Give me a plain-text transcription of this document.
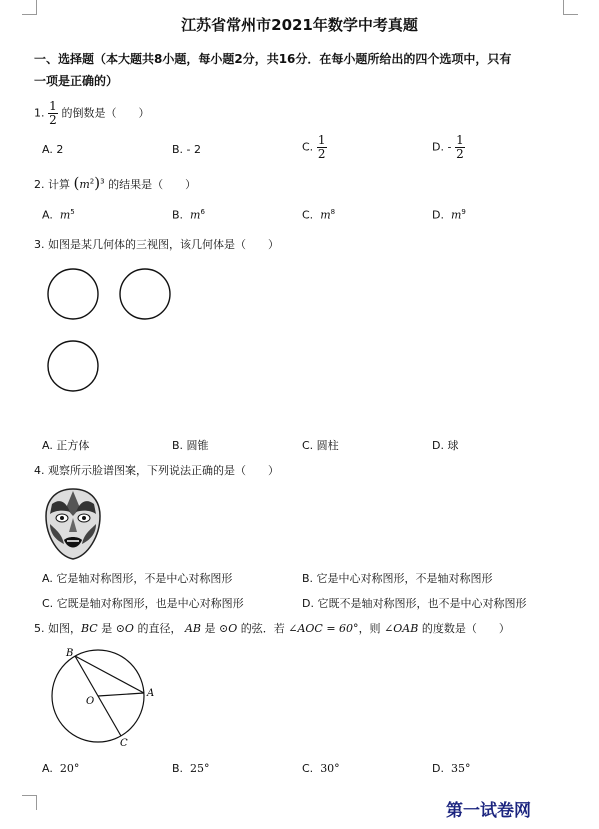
江苏省常州市2021年数学中考真题
一、选择题（本大题共8小题，每小题2分，共16分．在每小题所给出的四个选项中，只有
一项是正确的）
1. $\frac{1}{2}$ 的倒数是（　　）
A. 2	B. - 2	C. $\frac{1}{2}$	D. - $\frac{1}{2}$
2. 计算 $(m^2)^3$ 的结果是（　　）
A. $m^5$	B. $m^6$	C. $m^8$	D. $m^9$
3. 如图是某几何体的三视图，该几何体是（　　）
A. 正方体	B. 圆锥	C. 圆柱	D. 球
4. 观察所示脸谱图案，下列说法正确的是（　　）
A. 它是轴对称图形，不是中心对称图形	B. 它是中心对称图形，不是轴对称图形
C. 它既是轴对称图形，也是中心对称图形	D. 它既不是轴对称图形，也不是中心对称图形
5. 如图，BC 是 ⊙O 的直径， AB 是 ⊙O 的弦．若 ∠AOC = 60°，则 ∠OAB 的度数是（　　）
B
O
A
C
A. 20°	B. 25°	C. 30°	D. 35°
第一试卷网
